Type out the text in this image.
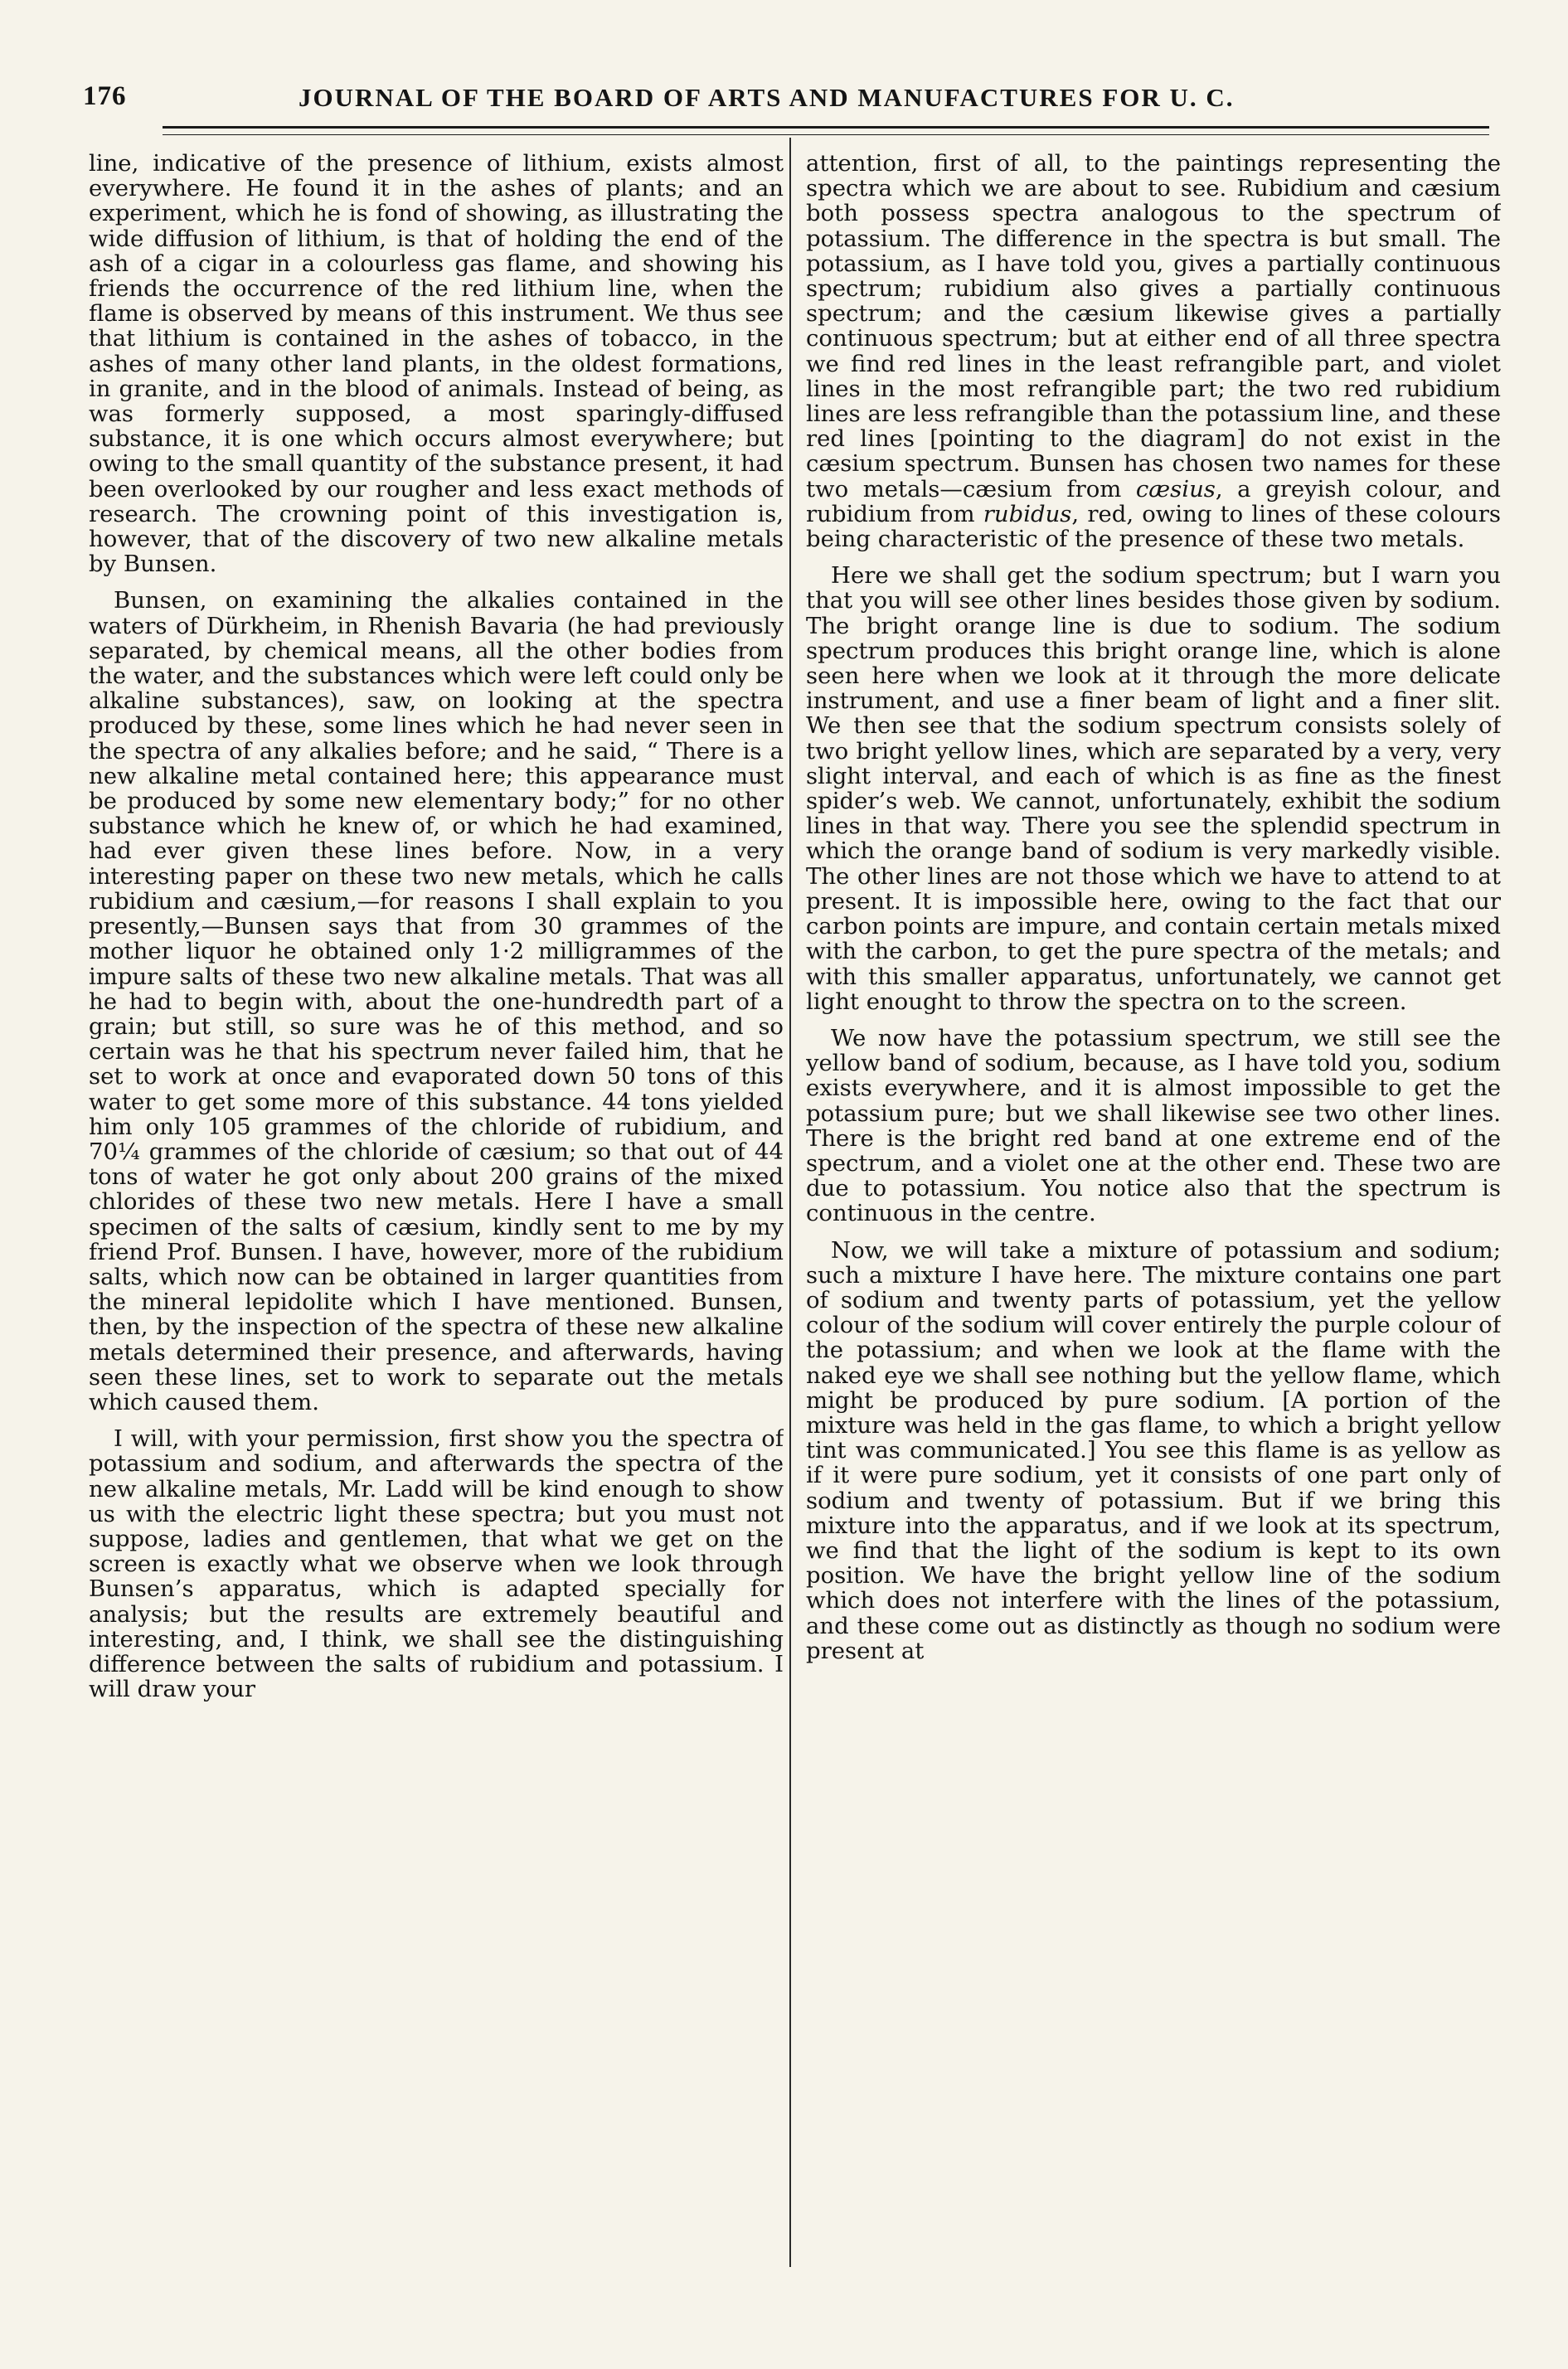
176	JOURNAL OF THE BOARD OF ARTS AND MANUFACTURES FOR U. C.

line, indicative of the presence of lithium, exists almost everywhere. He found it in the ashes of plants; and an experiment, which he is fond of showing, as illustrating the wide diffusion of lithium, is that of holding the end of the ash of a cigar in a colourless gas flame, and showing his friends the occurrence of the red lithium line, when the flame is observed by means of this instrument. We thus see that lithium is contained in the ashes of tobacco, in the ashes of many other land plants, in the oldest formations, in granite, and in the blood of animals. Instead of being, as was formerly supposed, a most sparingly-diffused substance, it is one which occurs almost everywhere; but owing to the small quantity of the substance present, it had been overlooked by our rougher and less exact methods of research. The crowning point of this investigation is, however, that of the discovery of two new alkaline metals by Bunsen.

Bunsen, on examining the alkalies contained in the waters of Dürkheim, in Rhenish Bavaria (he had previously separated, by chemical means, all the other bodies from the water, and the substances which were left could only be alkaline substances), saw, on looking at the spectra produced by these, some lines which he had never seen in the spectra of any alkalies before; and he said, “ There is a new alkaline metal contained here; this appearance must be produced by some new elementary body;” for no other substance which he knew of, or which he had examined, had ever given these lines before. Now, in a very interesting paper on these two new metals, which he calls rubidium and cæsium,—for reasons I shall explain to you presently,—Bunsen says that from 30 grammes of the mother liquor he obtained only 1·2 milligrammes of the impure salts of these two new alkaline metals. That was all he had to begin with, about the one-hundredth part of a grain; but still, so sure was he of this method, and so certain was he that his spectrum never failed him, that he set to work at once and evaporated down 50 tons of this water to get some more of this substance. 44 tons yielded him only 105 grammes of the chloride of rubidium, and 70¼ grammes of the chloride of cæsium; so that out of 44 tons of water he got only about 200 grains of the mixed chlorides of these two new metals. Here I have a small specimen of the salts of cæsium, kindly sent to me by my friend Prof. Bunsen. I have, however, more of the rubidium salts, which now can be obtained in larger quantities from the mineral lepidolite which I have mentioned. Bunsen, then, by the inspection of the spectra of these new alkaline metals determined their presence, and afterwards, having seen these lines, set to work to separate out the metals which caused them.

I will, with your permission, first show you the spectra of potassium and sodium, and afterwards the spectra of the new alkaline metals, Mr. Ladd will be kind enough to show us with the electric light these spectra; but you must not suppose, ladies and gentlemen, that what we get on the screen is exactly what we observe when we look through Bunsen’s apparatus, which is adapted specially for analysis; but the results are extremely beautiful and interesting, and, I think, we shall see the distinguishing difference between the salts of rubidium and potassium. I will draw your

attention, first of all, to the paintings representing the spectra which we are about to see. Rubidium and cæsium both possess spectra analogous to the spectrum of potassium. The difference in the spectra is but small. The potassium, as I have told you, gives a partially continuous spectrum; rubidium also gives a partially continuous spectrum; and the cæsium likewise gives a partially continuous spectrum; but at either end of all three spectra we find red lines in the least refrangible part, and violet lines in the most refrangible part; the two red rubidium lines are less refrangible than the potassium line, and these red lines [pointing to the diagram] do not exist in the cæsium spectrum. Bunsen has chosen two names for these two metals—cæsium from cæsius, a greyish colour, and rubidium from rubidus, red, owing to lines of these colours being characteristic of the presence of these two metals.

Here we shall get the sodium spectrum; but I warn you that you will see other lines besides those given by sodium. The bright orange line is due to sodium. The sodium spectrum produces this bright orange line, which is alone seen here when we look at it through the more delicate instrument, and use a finer beam of light and a finer slit. We then see that the sodium spectrum consists solely of two bright yellow lines, which are separated by a very, very slight interval, and each of which is as fine as the finest spider’s web. We cannot, unfortunately, exhibit the sodium lines in that way. There you see the splendid spectrum in which the orange band of sodium is very markedly visible. The other lines are not those which we have to attend to at present. It is impossible here, owing to the fact that our carbon points are impure, and contain certain metals mixed with the carbon, to get the pure spectra of the metals; and with this smaller apparatus, unfortunately, we cannot get light enought to throw the spectra on to the screen.

We now have the potassium spectrum, we still see the yellow band of sodium, because, as I have told you, sodium exists everywhere, and it is almost impossible to get the potassium pure; but we shall likewise see two other lines. There is the bright red band at one extreme end of the spectrum, and a violet one at the other end. These two are due to potassium. You notice also that the spectrum is continuous in the centre.

Now, we will take a mixture of potassium and sodium; such a mixture I have here. The mixture contains one part of sodium and twenty parts of potassium, yet the yellow colour of the sodium will cover entirely the purple colour of the potassium; and when we look at the flame with the naked eye we shall see nothing but the yellow flame, which might be produced by pure sodium. [A portion of the mixture was held in the gas flame, to which a bright yellow tint was communicated.] You see this flame is as yellow as if it were pure sodium, yet it consists of one part only of sodium and twenty of potassium. But if we bring this mixture into the apparatus, and if we look at its spectrum, we find that the light of the sodium is kept to its own position. We have the bright yellow line of the sodium which does not interfere with the lines of the potassium, and these come out as distinctly as though no sodium were present at
